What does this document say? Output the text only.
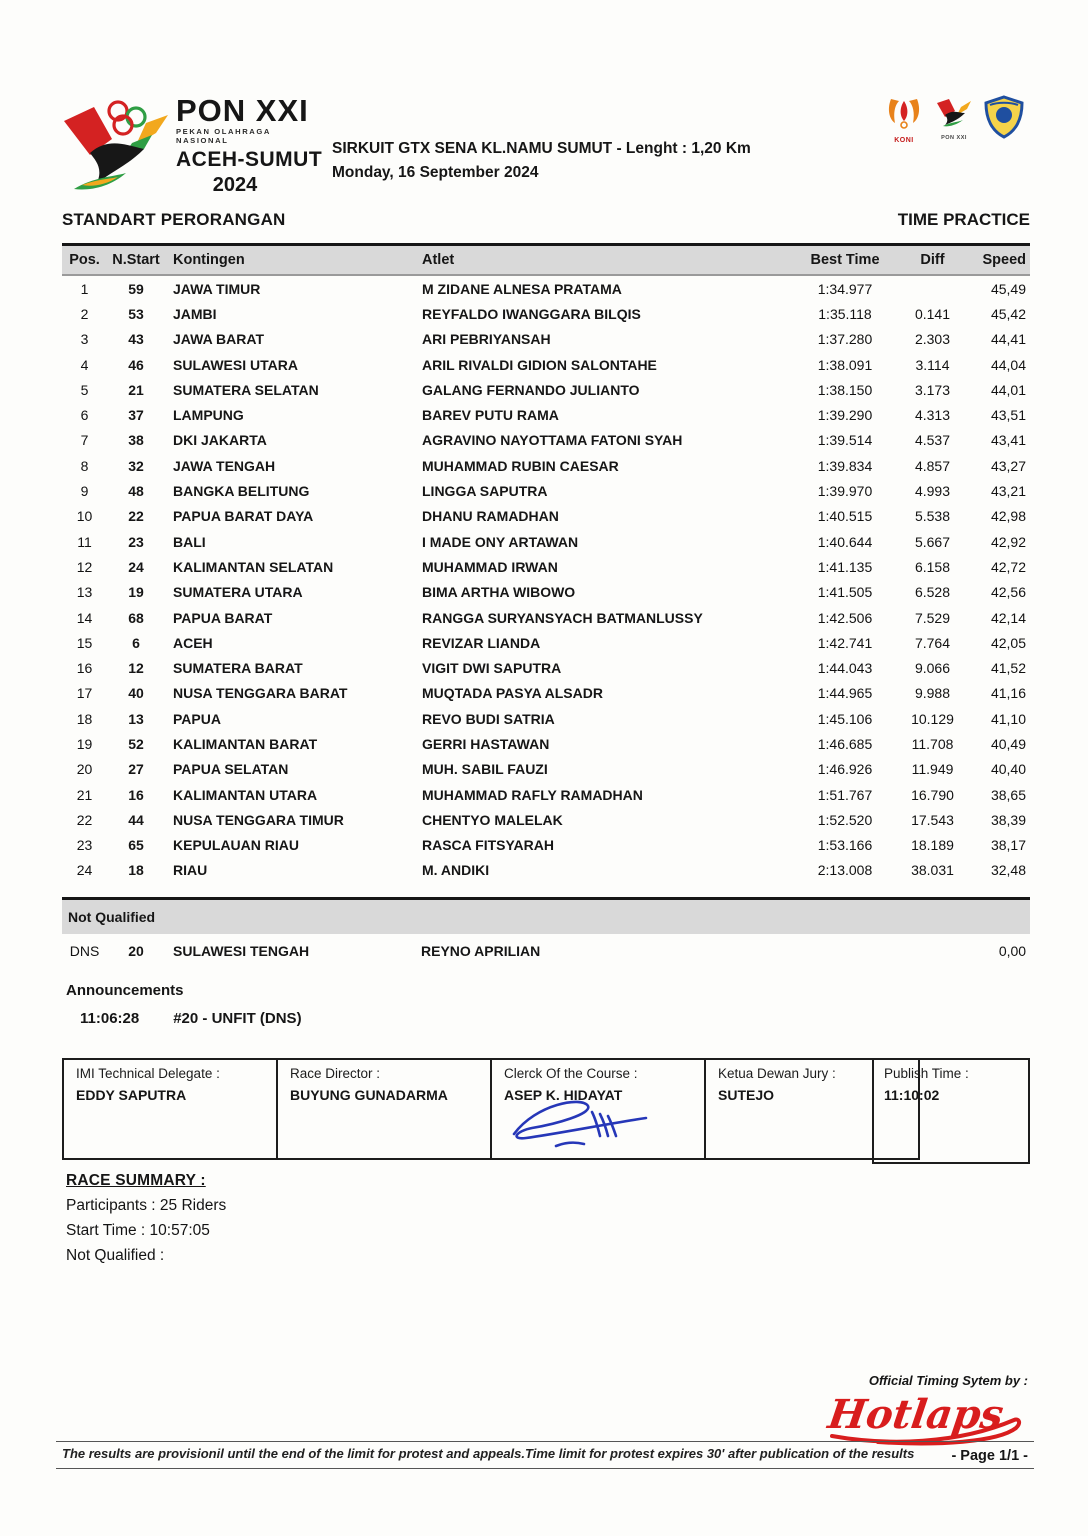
PON XXI
PEKAN OLAHRAGA NASIONAL
ACEH-SUMUT
2024
SIRKUIT GTX SENA KL.NAMU SUMUT - Lenght : 1,20 Km
Monday, 16 September 2024
KONI	PON XXI
STANDART PERORANGAN	TIME PRACTICE
Pos.	N.Start	Kontingen	Atlet	Best Time	Diff	Speed
1	59	JAWA TIMUR	M ZIDANE ALNESA PRATAMA	1:34.977		45,49
2	53	JAMBI	REYFALDO IWANGGARA BILQIS	1:35.118	0.141	45,42
3	43	JAWA BARAT	ARI PEBRIYANSAH	1:37.280	2.303	44,41
4	46	SULAWESI UTARA	ARIL RIVALDI GIDION SALONTAHE	1:38.091	3.114	44,04
5	21	SUMATERA SELATAN	GALANG FERNANDO JULIANTO	1:38.150	3.173	44,01
6	37	LAMPUNG	BAREV PUTU RAMA	1:39.290	4.313	43,51
7	38	DKI JAKARTA	AGRAVINO NAYOTTAMA FATONI SYAH	1:39.514	4.537	43,41
8	32	JAWA TENGAH	MUHAMMAD RUBIN CAESAR	1:39.834	4.857	43,27
9	48	BANGKA BELITUNG	LINGGA SAPUTRA	1:39.970	4.993	43,21
10	22	PAPUA BARAT DAYA	DHANU RAMADHAN	1:40.515	5.538	42,98
11	23	BALI	I MADE ONY ARTAWAN	1:40.644	5.667	42,92
12	24	KALIMANTAN SELATAN	MUHAMMAD IRWAN	1:41.135	6.158	42,72
13	19	SUMATERA UTARA	BIMA ARTHA WIBOWO	1:41.505	6.528	42,56
14	68	PAPUA BARAT	RANGGA SURYANSYACH BATMANLUSSY	1:42.506	7.529	42,14
15	6	ACEH	REVIZAR LIANDA	1:42.741	7.764	42,05
16	12	SUMATERA BARAT	VIGIT DWI SAPUTRA	1:44.043	9.066	41,52
17	40	NUSA TENGGARA BARAT	MUQTADA PASYA ALSADR	1:44.965	9.988	41,16
18	13	PAPUA	REVO BUDI SATRIA	1:45.106	10.129	41,10
19	52	KALIMANTAN BARAT	GERRI HASTAWAN	1:46.685	11.708	40,49
20	27	PAPUA SELATAN	MUH. SABIL FAUZI	1:46.926	11.949	40,40
21	16	KALIMANTAN UTARA	MUHAMMAD RAFLY RAMADHAN	1:51.767	16.790	38,65
22	44	NUSA TENGGARA TIMUR	CHENTYO MALELAK	1:52.520	17.543	38,39
23	65	KEPULAUAN RIAU	RASCA FITSYARAH	1:53.166	18.189	38,17
24	18	RIAU	M. ANDIKI	2:13.008	38.031	32,48
Not Qualified
DNS	20	SULAWESI TENGAH	REYNO APRILIAN			0,00
Announcements
11:06:28 #20 - UNFIT (DNS)
IMI Technical Delegate :
EDDY SAPUTRA
Race Director :
BUYUNG GUNADARMA
Clerck Of the Course :
ASEP K. HIDAYAT
Ketua Dewan Jury :
SUTEJO
Publish Time :
11:10:02
RACE SUMMARY :
Participants : 25 Riders
Start Time : 10:57:05
Not Qualified :
Official Timing Sytem by :
Hotlaps
The results are provisionil until the end of the limit for protest and appeals.Time limit for protest expires 30' after publication of the results	- Page 1/1 -
